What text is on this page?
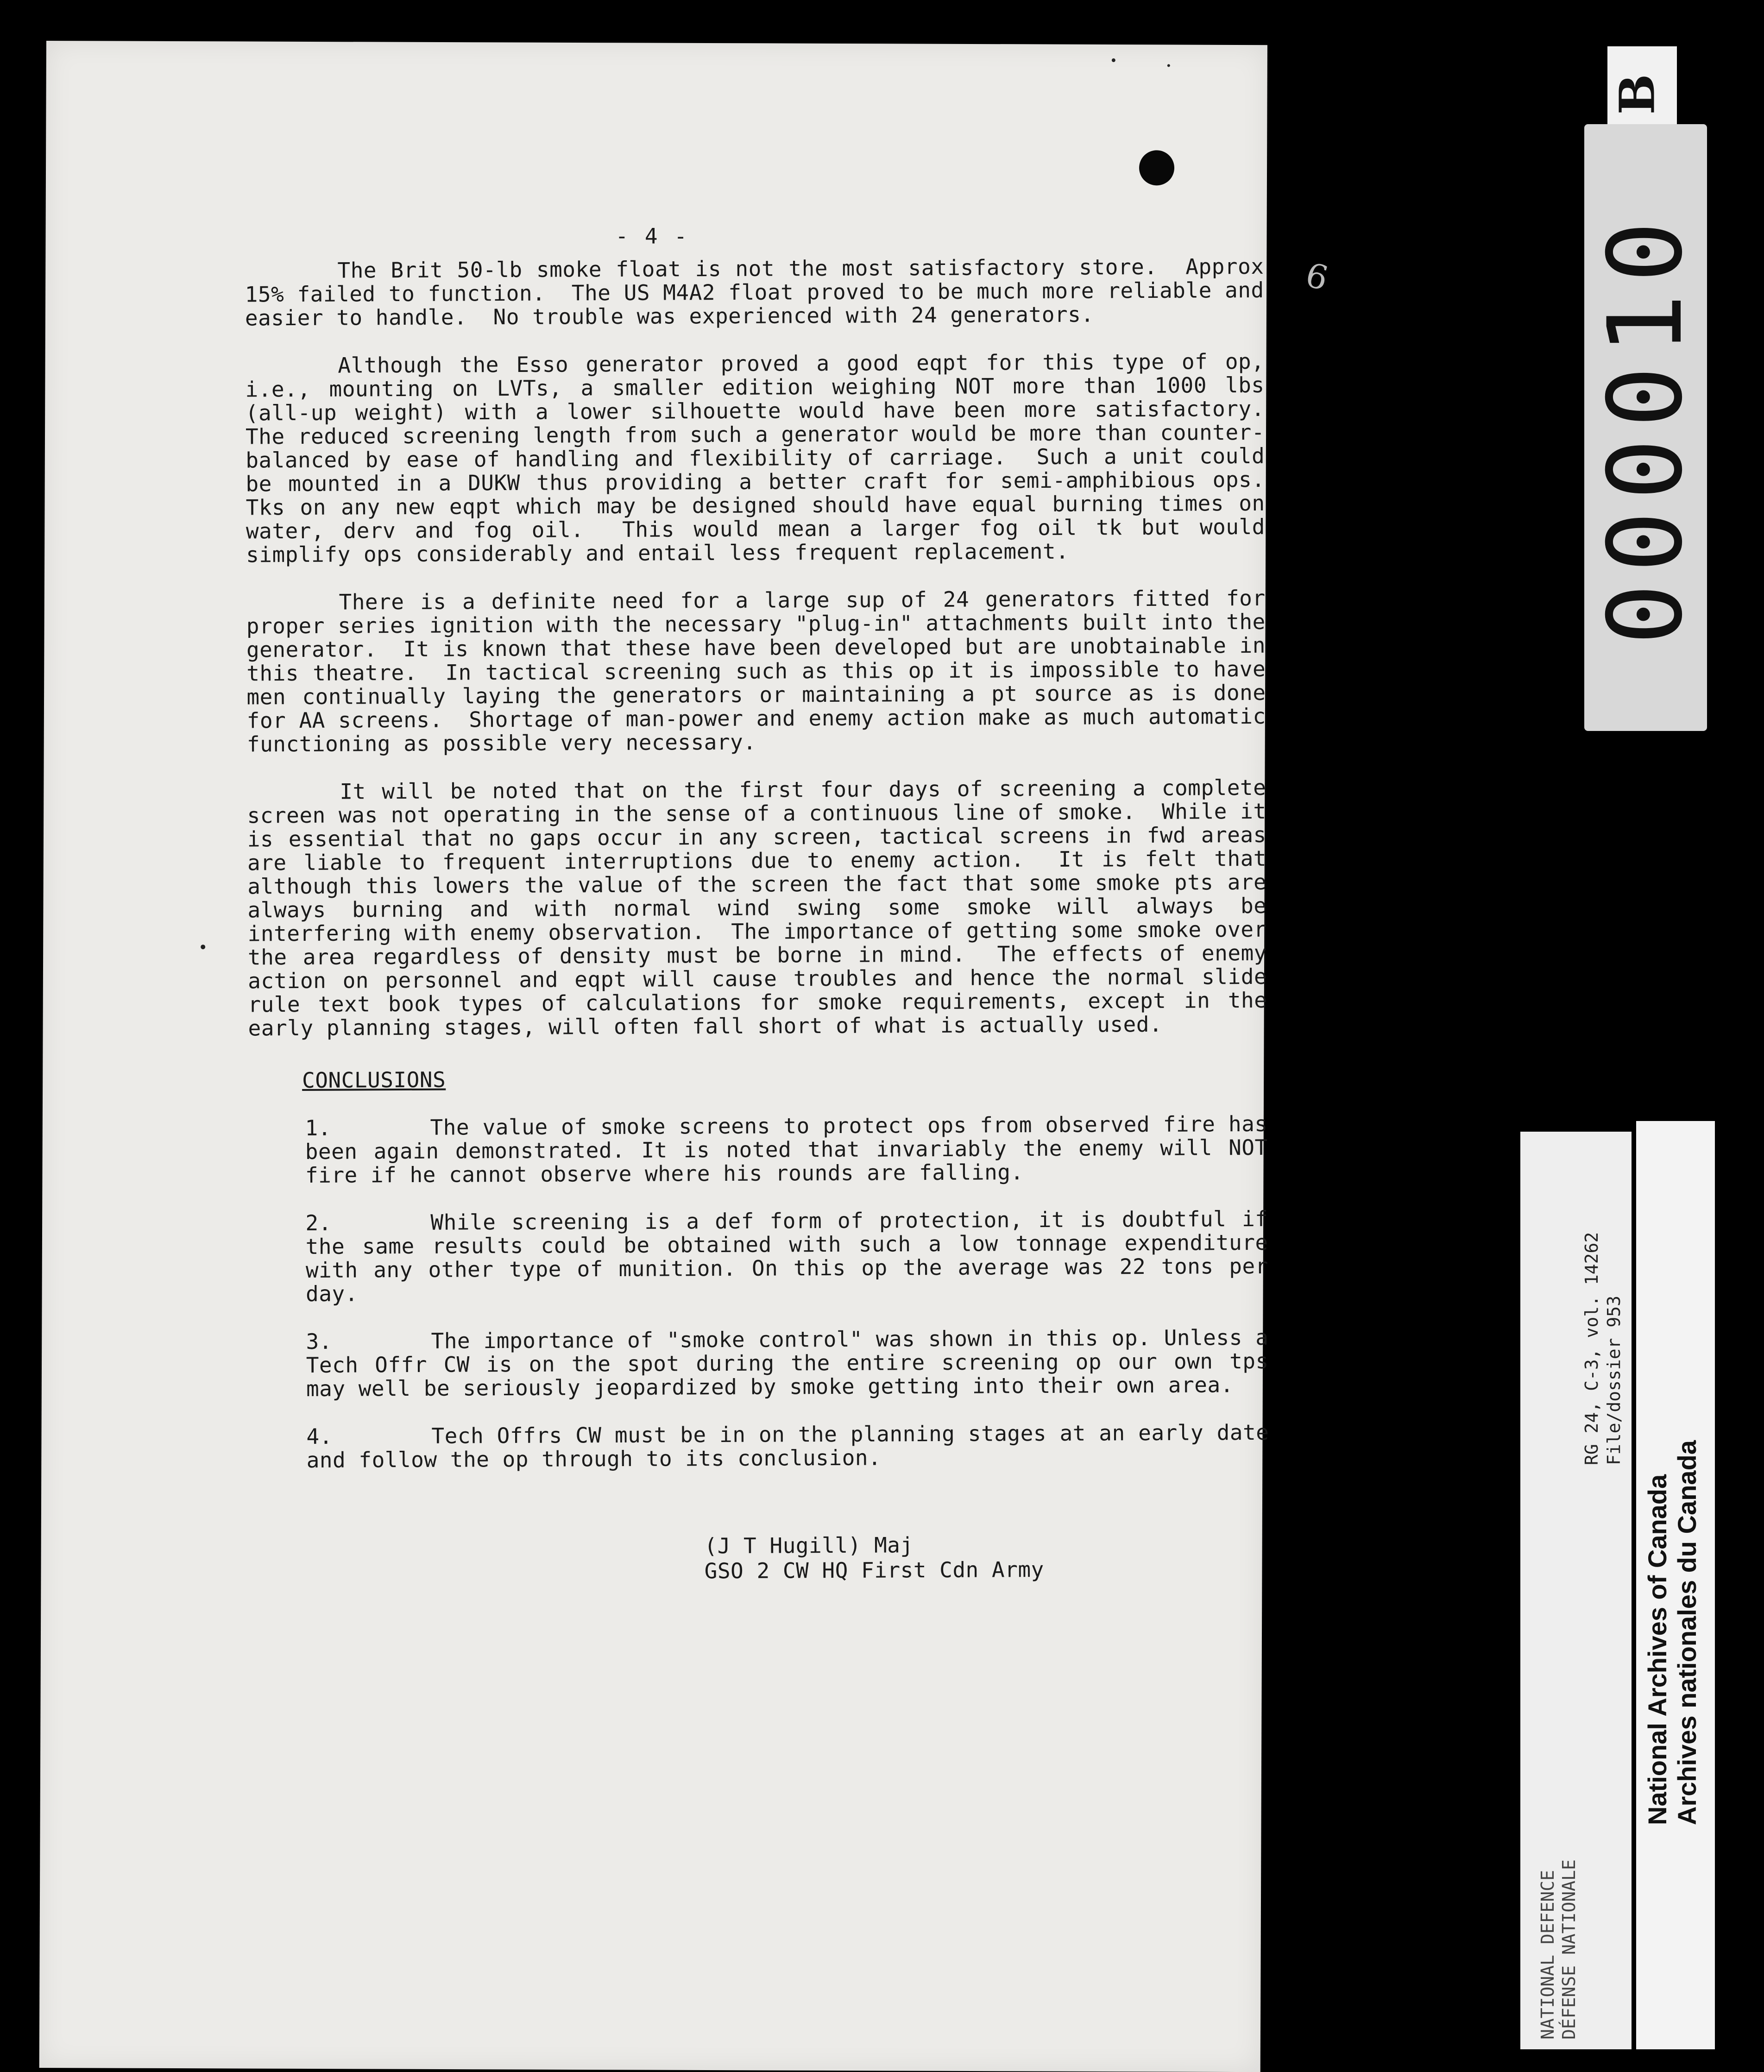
- 4 -

The Brit 50-lb smoke float is not the most satisfactory store.  Approx 15% failed to function.  The US M4A2 float proved to be much more reliable and easier to handle.  No trouble was experienced with 24 generators.

Although the Esso generator proved a good eqpt for this type of op, i.e., mounting on LVTs, a smaller edition weighing NOT more than 1000 lbs (all-up weight) with a lower silhouette would have been more satisfactory.  The reduced screening length from such a generator would be more than counter-balanced by ease of handling and flexibility of carriage.  Such a unit could be mounted in a DUKW thus providing a better craft for semi-amphibious ops.  Tks on any new eqpt which may be designed should have equal burning times on water, derv and fog oil.  This would mean a larger fog oil tk but would simplify ops considerably and entail less frequent replacement.

There is a definite need for a large sup of 24 generators fitted for proper series ignition with the necessary "plug-in" attachments built into the generator.  It is known that these have been developed but are unobtainable in this theatre.  In tactical screening such as this op it is impossible to have men continually laying the generators or maintaining a pt source as is done for AA screens.  Shortage of man-power and enemy action make as much automatic functioning as possible very necessary.

It will be noted that on the first four days of screening a complete screen was not operating in the sense of a continuous line of smoke.  While it is essential that no gaps occur in any screen, tactical screens in fwd areas are liable to frequent interruptions due to enemy action.  It is felt that although this lowers the value of the screen the fact that some smoke pts are always burning and with normal wind swing some smoke will always be interfering with enemy observation.  The importance of getting some smoke over the area regardless of density must be borne in mind.  The effects of enemy action on personnel and eqpt will cause troubles and hence the normal slide rule text book types of calculations for smoke requirements, except in the early planning stages, will often fall short of what is actually used.

CONCLUSIONS
1.	The value of smoke screens to protect ops from observed fire has been again demonstrated. It is noted that invariably the enemy will NOT fire if he cannot observe where his rounds are falling.
2.	While screening is a def form of protection, it is doubtful if the same results could be obtained with such a low tonnage expenditure with any other type of munition. On this op the average was 22 tons per day.
3.	The importance of "smoke control" was shown in this op. Unless a Tech Offr CW is on the spot during the entire screening op our own tps may well be seriously jeopardized by smoke getting into their own area.
4.	Tech Offrs CW must be in on the planning stages at an early date and follow the op through to its conclusion.
(J T Hugill) Maj
GSO 2 CW HQ First Cdn Army
6
B
000010
RG 24, C-3, vol. 14262
File/dossier 953
NATIONAL DEFENCE
DÉFENSE NATIONALE
National Archives of Canada
Archives nationales du Canada
